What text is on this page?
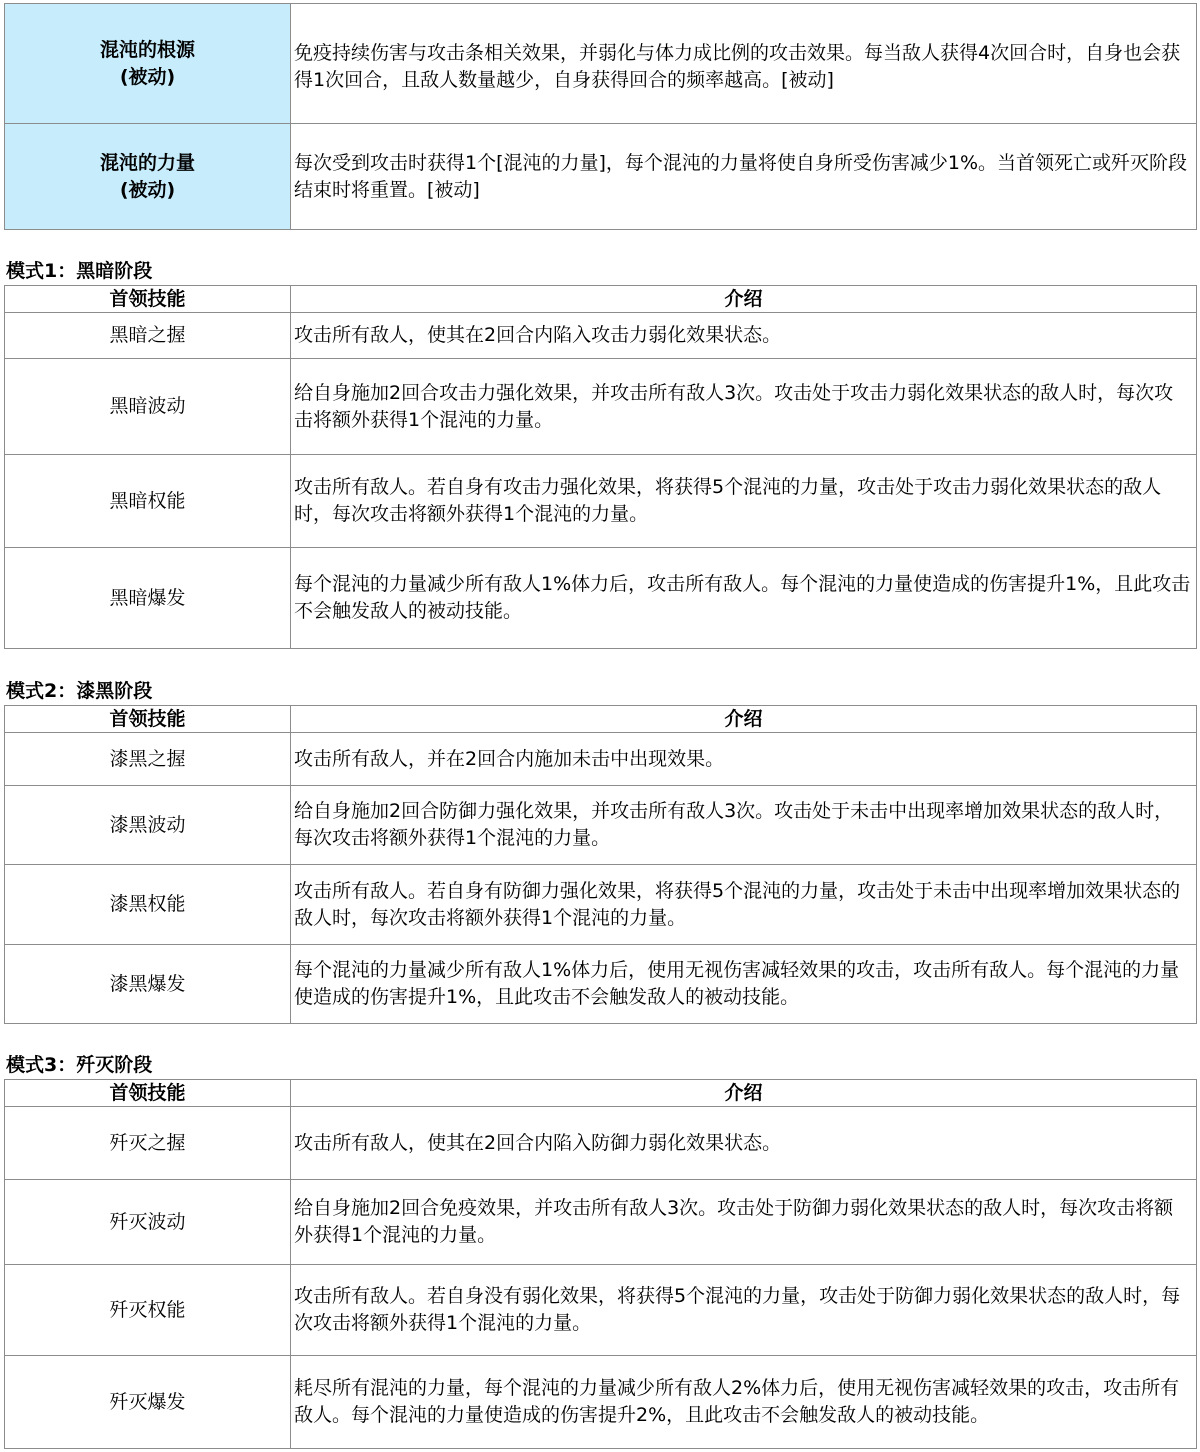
混沌的根源
(被动)	免疫持续伤害与攻击条相关效果，并弱化与体力成比例的攻击效果。每当敌人获得4次回合时，自身也会获得1次回合，且敌人数量越少，自身获得回合的频率越高。[被动]

混沌的力量
(被动)	每次受到攻击时获得1个[混沌的力量]，每个混沌的力量将使自身所受伤害减少1%。当首领死亡或歼灭阶段结束时将重置。[被动]
模式1：黑暗阶段
首领技能	介绍
黑暗之握	攻击所有敌人，使其在2回合内陷入攻击力弱化效果状态。
黑暗波动	给自身施加2回合攻击力强化效果，并攻击所有敌人3次。攻击处于攻击力弱化效果状态的敌人时，每次攻击将额外获得1个混沌的力量。
黑暗权能	攻击所有敌人。若自身有攻击力强化效果，将获得5个混沌的力量，攻击处于攻击力弱化效果状态的敌人时，每次攻击将额外获得1个混沌的力量。
黑暗爆发	每个混沌的力量减少所有敌人1%体力后，攻击所有敌人。每个混沌的力量使造成的伤害提升1%，且此攻击不会触发敌人的被动技能。
模式2：漆黑阶段
首领技能	介绍
漆黑之握	攻击所有敌人，并在2回合内施加未击中出现效果。
漆黑波动	给自身施加2回合防御力强化效果，并攻击所有敌人3次。攻击处于未击中出现率增加效果状态的敌人时，每次攻击将额外获得1个混沌的力量。
漆黑权能	攻击所有敌人。若自身有防御力强化效果，将获得5个混沌的力量，攻击处于未击中出现率增加效果状态的敌人时，每次攻击将额外获得1个混沌的力量。
漆黑爆发	每个混沌的力量减少所有敌人1%体力后，使用无视伤害减轻效果的攻击，攻击所有敌人。每个混沌的力量使造成的伤害提升1%，且此攻击不会触发敌人的被动技能。
模式3：歼灭阶段
首领技能	介绍
歼灭之握	攻击所有敌人，使其在2回合内陷入防御力弱化效果状态。
歼灭波动	给自身施加2回合免疫效果，并攻击所有敌人3次。攻击处于防御力弱化效果状态的敌人时，每次攻击将额外获得1个混沌的力量。
歼灭权能	攻击所有敌人。若自身没有弱化效果，将获得5个混沌的力量，攻击处于防御力弱化效果状态的敌人时，每次攻击将额外获得1个混沌的力量。
歼灭爆发	耗尽所有混沌的力量，每个混沌的力量减少所有敌人2%体力后，使用无视伤害减轻效果的攻击，攻击所有敌人。每个混沌的力量使造成的伤害提升2%，且此攻击不会触发敌人的被动技能。
